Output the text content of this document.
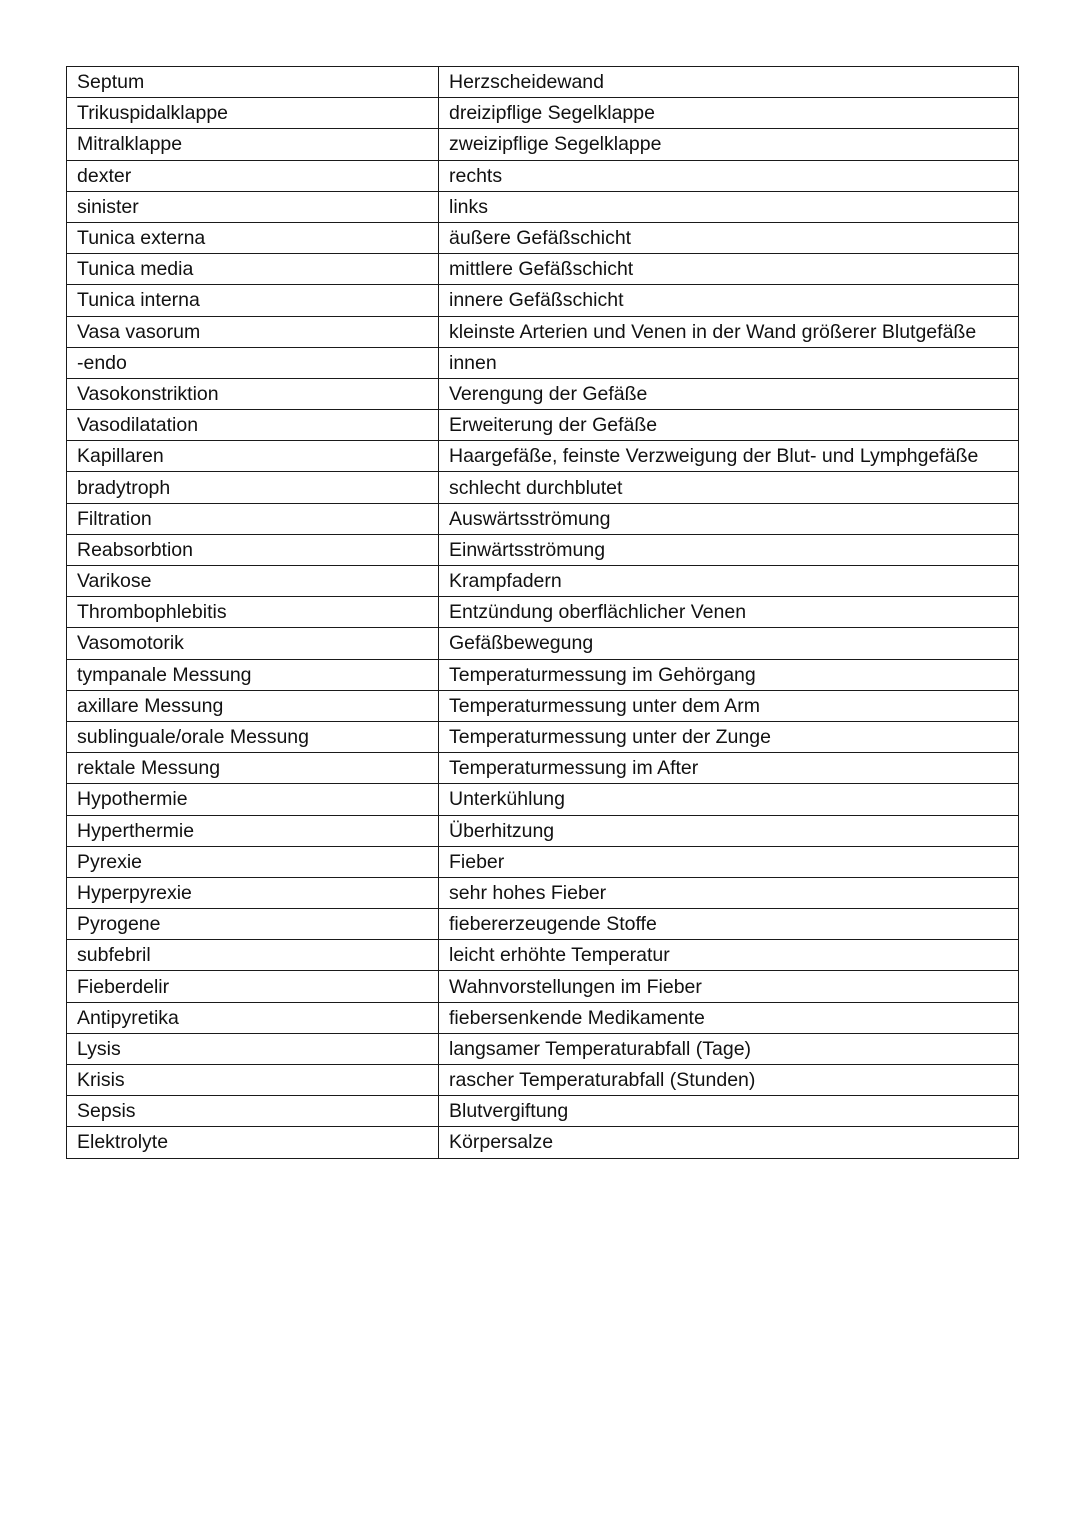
Septum	Herzscheidewand
Trikuspidalklappe	dreizipflige Segelklappe
Mitralklappe	zweizipflige Segelklappe
dexter	rechts
sinister	links
Tunica externa	äußere Gefäßschicht
Tunica media	mittlere Gefäßschicht
Tunica interna	innere Gefäßschicht
Vasa vasorum	kleinste Arterien und Venen in der Wand größerer Blutgefäße
-endo	innen
Vasokonstriktion	Verengung der Gefäße
Vasodilatation	Erweiterung der Gefäße
Kapillaren	Haargefäße, feinste Verzweigung der Blut- und Lymphgefäße
bradytroph	schlecht durchblutet
Filtration	Auswärtsströmung
Reabsorbtion	Einwärtsströmung
Varikose	Krampfadern
Thrombophlebitis	Entzündung oberflächlicher Venen
Vasomotorik	Gefäßbewegung
tympanale Messung	Temperaturmessung im Gehörgang
axillare Messung	Temperaturmessung unter dem Arm
sublinguale/orale Messung	Temperaturmessung unter der Zunge
rektale Messung	Temperaturmessung im After
Hypothermie	Unterkühlung
Hyperthermie	Überhitzung
Pyrexie	Fieber
Hyperpyrexie	sehr hohes Fieber
Pyrogene	fiebererzeugende Stoffe
subfebril	leicht erhöhte Temperatur
Fieberdelir	Wahnvorstellungen im Fieber
Antipyretika	fiebersenkende Medikamente
Lysis	langsamer Temperaturabfall (Tage)
Krisis	rascher Temperaturabfall (Stunden)
Sepsis	Blutvergiftung
Elektrolyte	Körpersalze
